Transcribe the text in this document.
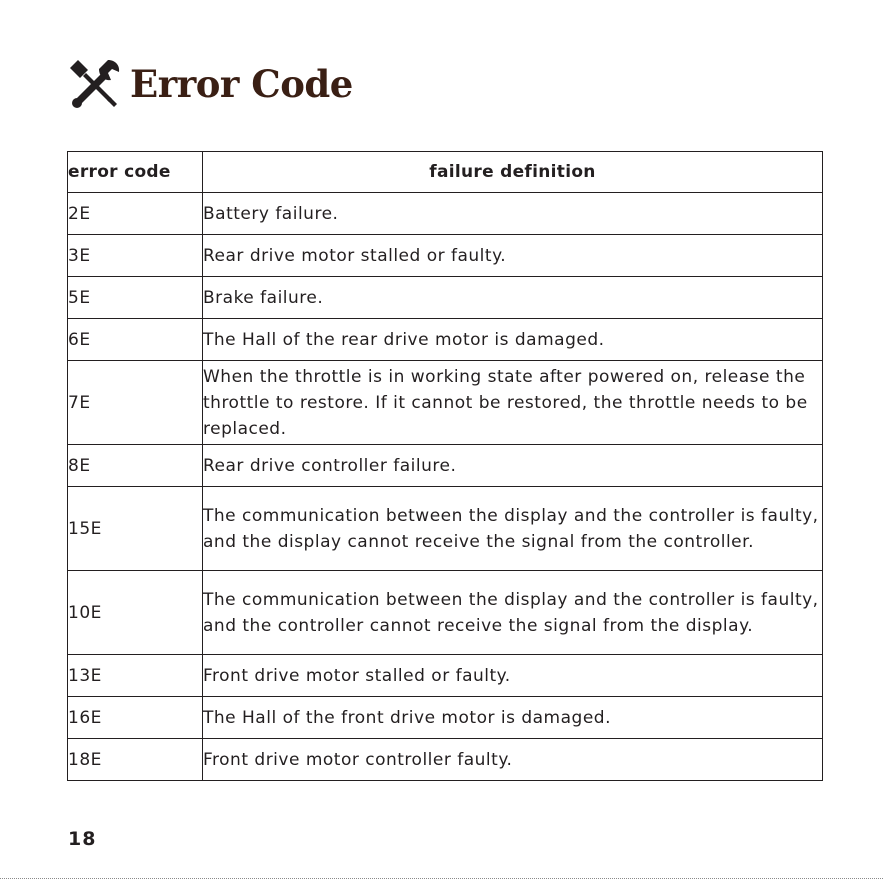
Error Code
error code	failure definition
2E	Battery failure.
3E	Rear drive motor stalled or faulty.
5E	Brake failure.
6E	The Hall of the rear drive motor is damaged.
7E	When the throttle is in working state after powered on, release the throttle to restore. If it cannot be restored, the throttle needs to be replaced.
8E	Rear drive controller failure.
15E	The communication between the display and the controller is faulty, and the display cannot receive the signal from the controller.
10E	The communication between the display and the controller is faulty, and the controller cannot receive the signal from the display.
13E	Front drive motor stalled or faulty.
16E	The Hall of the front drive motor is damaged.
18E	Front drive motor controller faulty.
18
